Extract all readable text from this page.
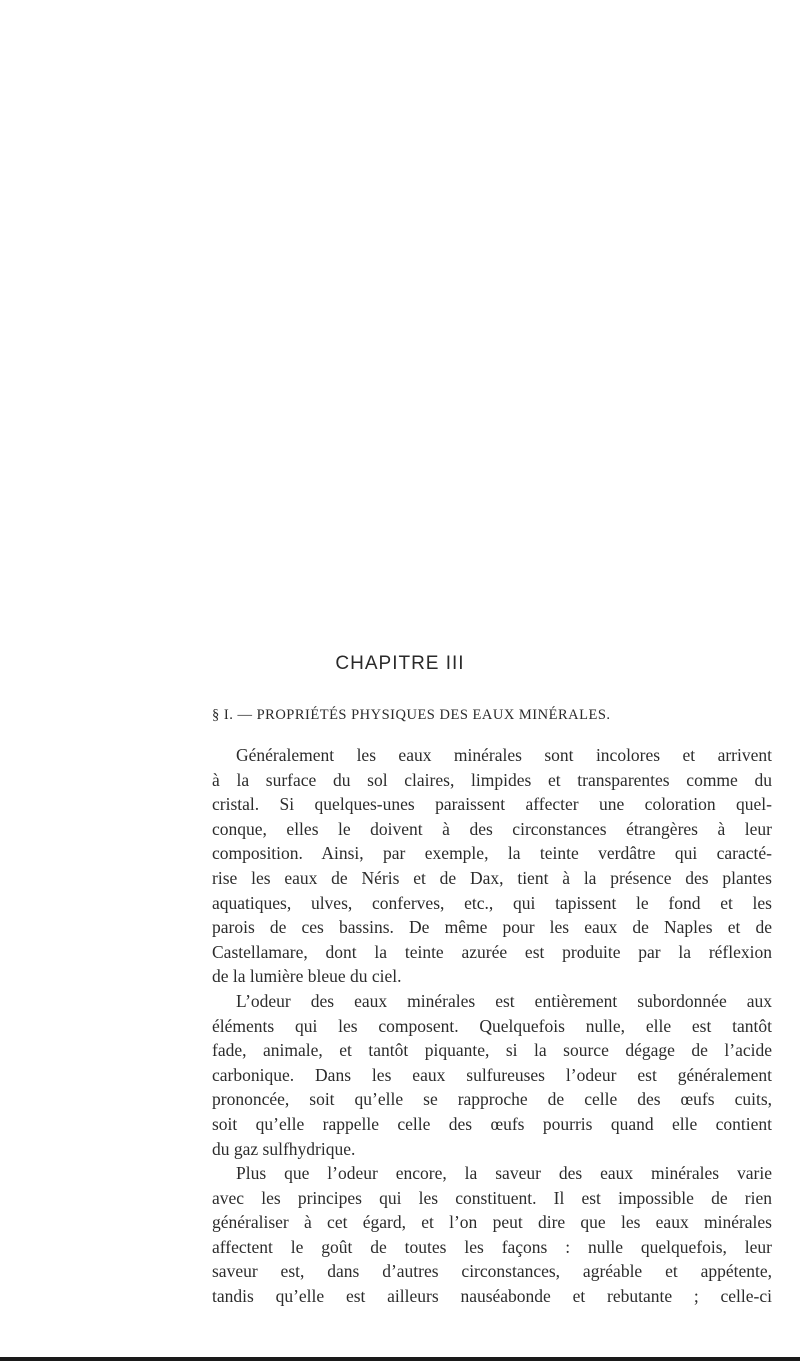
CHAPITRE III
§ I. — PROPRIÉTÉS PHYSIQUES DES EAUX MINÉRALES.
Généralement les eaux minérales sont incolores et arrivent
à la surface du sol claires, limpides et transparentes comme du
cristal. Si quelques-unes paraissent affecter une coloration quel-
conque, elles le doivent à des circonstances étrangères à leur
composition. Ainsi, par exemple, la teinte verdâtre qui caracté-
rise les eaux de Néris et de Dax, tient à la présence des plantes
aquatiques, ulves, conferves, etc., qui tapissent le fond et les
parois de ces bassins. De même pour les eaux de Naples et de
Castellamare, dont la teinte azurée est produite par la réflexion
de la lumière bleue du ciel.
L’odeur des eaux minérales est entièrement subordonnée aux
éléments qui les composent. Quelquefois nulle, elle est tantôt
fade, animale, et tantôt piquante, si la source dégage de l’acide
carbonique. Dans les eaux sulfureuses l’odeur est généralement
prononcée, soit qu’elle se rapproche de celle des œufs cuits,
soit qu’elle rappelle celle des œufs pourris quand elle contient
du gaz sulfhydrique.
Plus que l’odeur encore, la saveur des eaux minérales varie
avec les principes qui les constituent. Il est impossible de rien
généraliser à cet égard, et l’on peut dire que les eaux minérales
affectent le goût de toutes les façons : nulle quelquefois, leur
saveur est, dans d’autres circonstances, agréable et appétente,
tandis qu’elle est ailleurs nauséabonde et rebutante ; celle-ci
